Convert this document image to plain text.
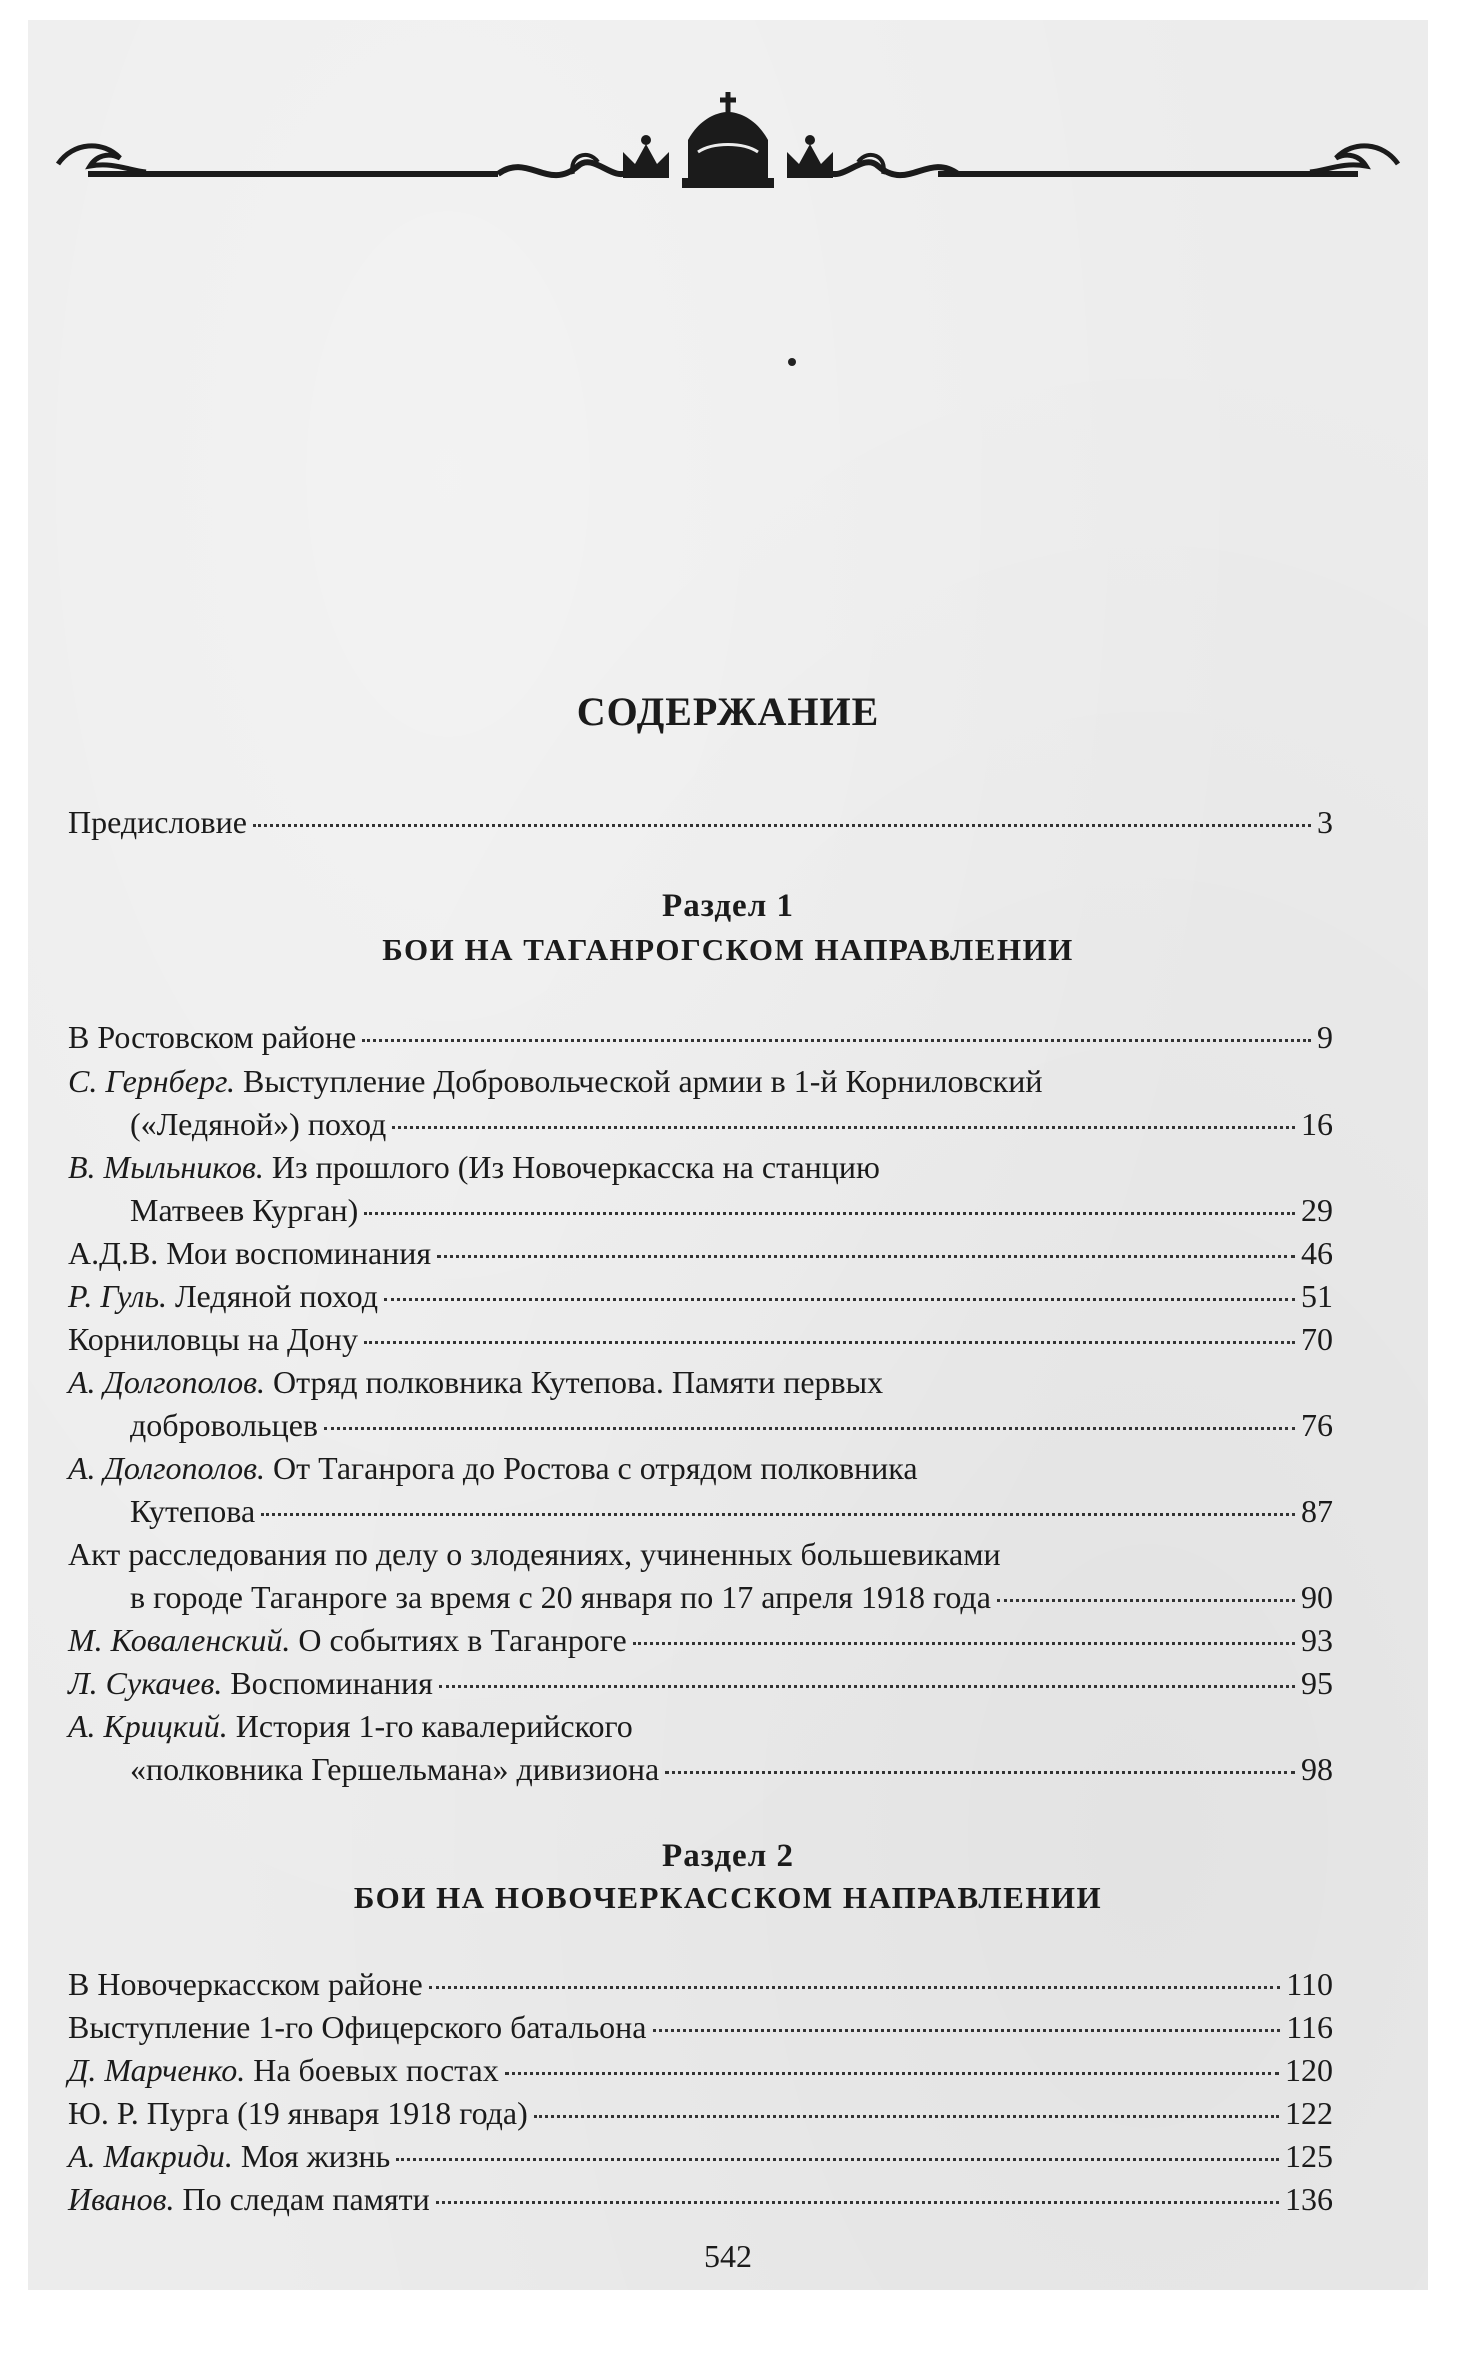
СОДЕРЖАНИЕ
Предисловие	3
Раздел 1
БОИ НА ТАГАНРОГСКОМ НАПРАВЛЕНИИ
В Ростовском районе	9
С. Гернберг.
Выступление Добровольческой армии в 1-й Корниловский
(«Ледяной») поход	16
В. Мыльников.
Из прошлого (Из Новочеркасска на станцию
Матвеев Курган)	29
А.Д.В. Мои воспоминания	46
Р. Гуль.
Ледяной поход	51
Корниловцы на Дону	70
А. Долгополов.
Отряд полковника Кутепова. Памяти первых
добровольцев	76
А. Долгополов.
От Таганрога до Ростова с отрядом полковника
Кутепова	87
Акт расследования по делу о злодеяниях, учиненных большевиками
в городе Таганроге за время с 20 января по 17 апреля 1918 года	90
М. Коваленский.
О событиях в Таганроге	93
Л. Сукачев.
Воспоминания	95
А. Крицкий.
История 1-го кавалерийского
«полковника Гершельмана» дивизиона	98
Раздел 2
БОИ НА НОВОЧЕРКАССКОМ НАПРАВЛЕНИИ
В Новочеркасском районе	110
Выступление 1-го Офицерского батальона	116
Д. Марченко.
На боевых постах	120
Ю. Р. Пурга (19 января 1918 года)	122
А. Макриди.
Моя жизнь	125
Иванов.
По следам памяти	136
542
